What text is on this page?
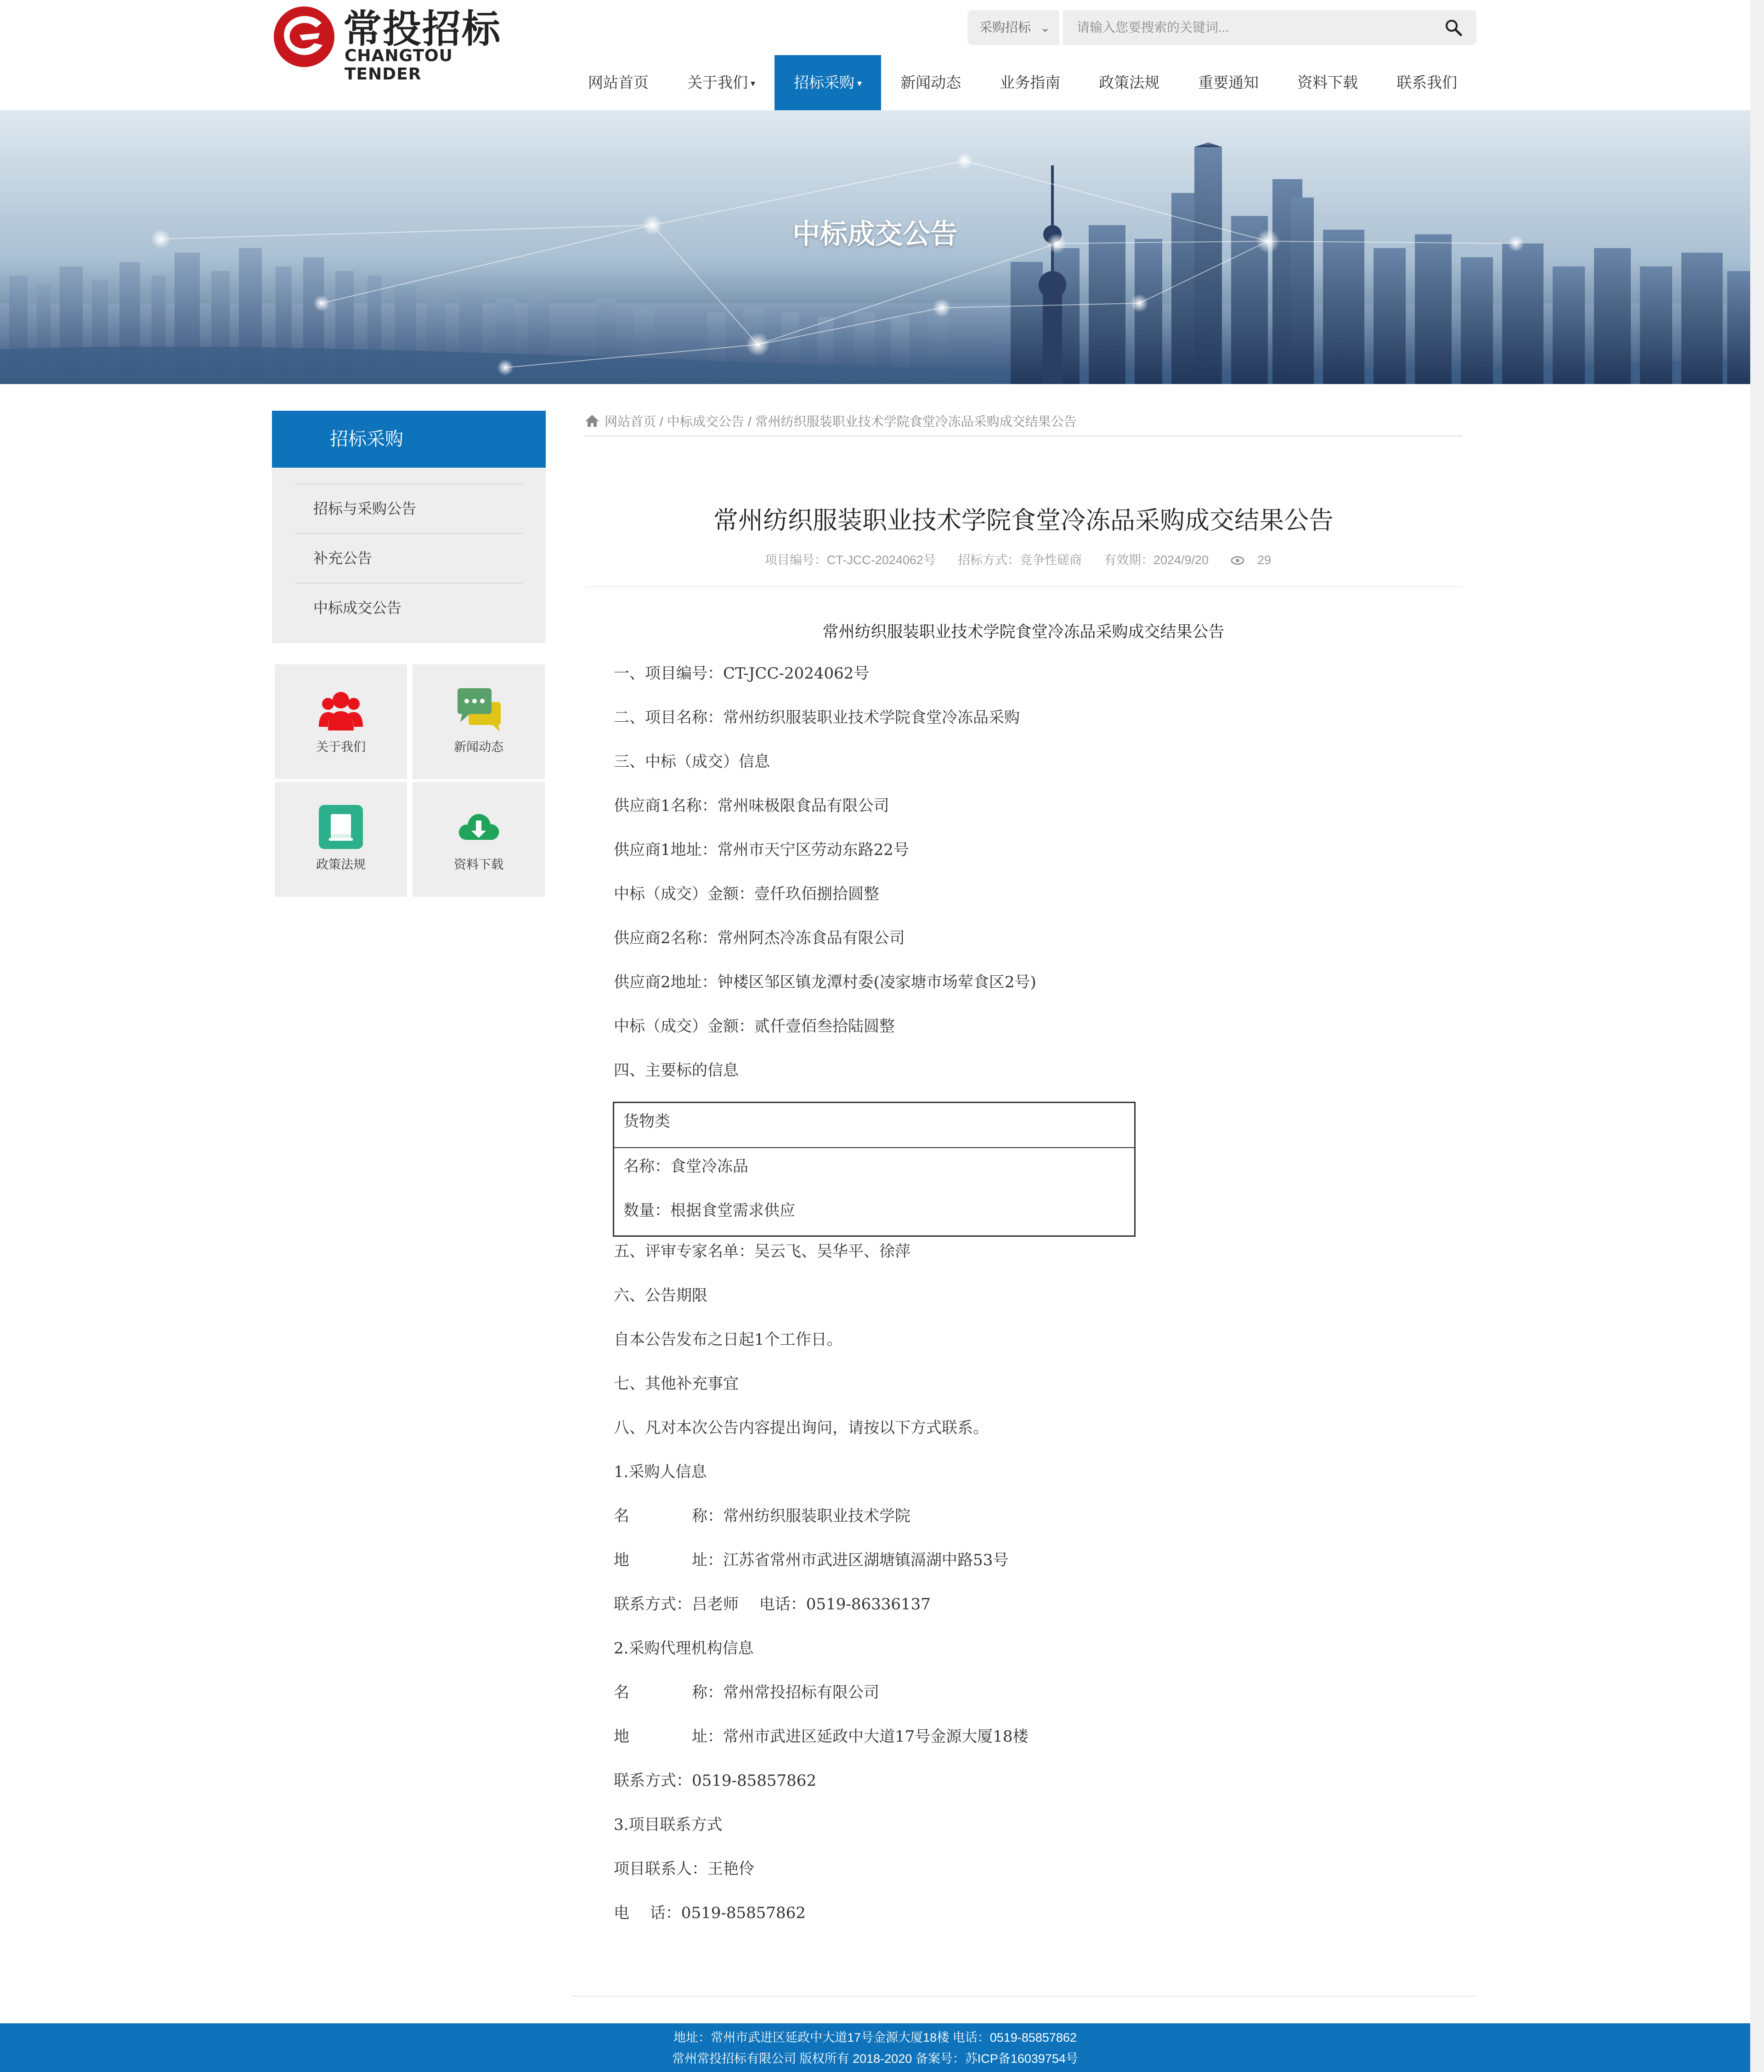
常投招标
CHANGTOU TENDER
采购招标 ⌄
请输入您要搜索的关键词...
网站首页	关于我们 ▾	招标采购 ▾	新闻动态	业务指南	政策法规	重要通知	资料下载	联系我们
中标成交公告
招标采购
招标与采购公告
补充公告
中标成交公告
关于我们	新闻动态
政策法规	资料下载
网站首页 / 中标成交公告 / 常州纺织服装职业技术学院食堂冷冻品采购成交结果公告
常州纺织服装职业技术学院食堂冷冻品采购成交结果公告
项目编号：CT-JCC-2024062号 招标方式：竞争性磋商 有效期：2024/9/20	29
常州纺织服装职业技术学院食堂冷冻品采购成交结果公告
一、项目编号：CT-JCC-2024062号
二、项目名称：常州纺织服装职业技术学院食堂冷冻品采购
三、中标（成交）信息
供应商1名称：常州味极限食品有限公司
供应商1地址：常州市天宁区劳动东路22号
中标（成交）金额：壹仟玖佰捌拾圆整
供应商2名称：常州阿杰冷冻食品有限公司
供应商2地址：钟楼区邹区镇龙潭村委(凌家塘市场荤食区2号)
中标（成交）金额：贰仟壹佰叁拾陆圆整
四、主要标的信息
货物类
名称：食堂冷冻品
数量：根据食堂需求供应
五、评审专家名单：吴云飞、吴华平、徐萍
六、公告期限
自本公告发布之日起1个工作日。
七、其他补充事宜
八、凡对本次公告内容提出询问，请按以下方式联系。
1.采购人信息
名　　　　称：常州纺织服装职业技术学院
地　　　　址：江苏省常州市武进区湖塘镇滆湖中路53号
联系方式：吕老师　 电话：0519-86336137
2.采购代理机构信息
名　　　　称：常州常投招标有限公司
地　　　　址：常州市武进区延政中大道17号金源大厦18楼
联系方式：0519-85857862
3.项目联系方式
项目联系人：王艳伶
电　 话：0519-85857862
地址：常州市武进区延政中大道17号金源大厦18楼 电话：0519-85857862
常州常投招标有限公司 版权所有 2018-2020 备案号：苏ICP备16039754号
